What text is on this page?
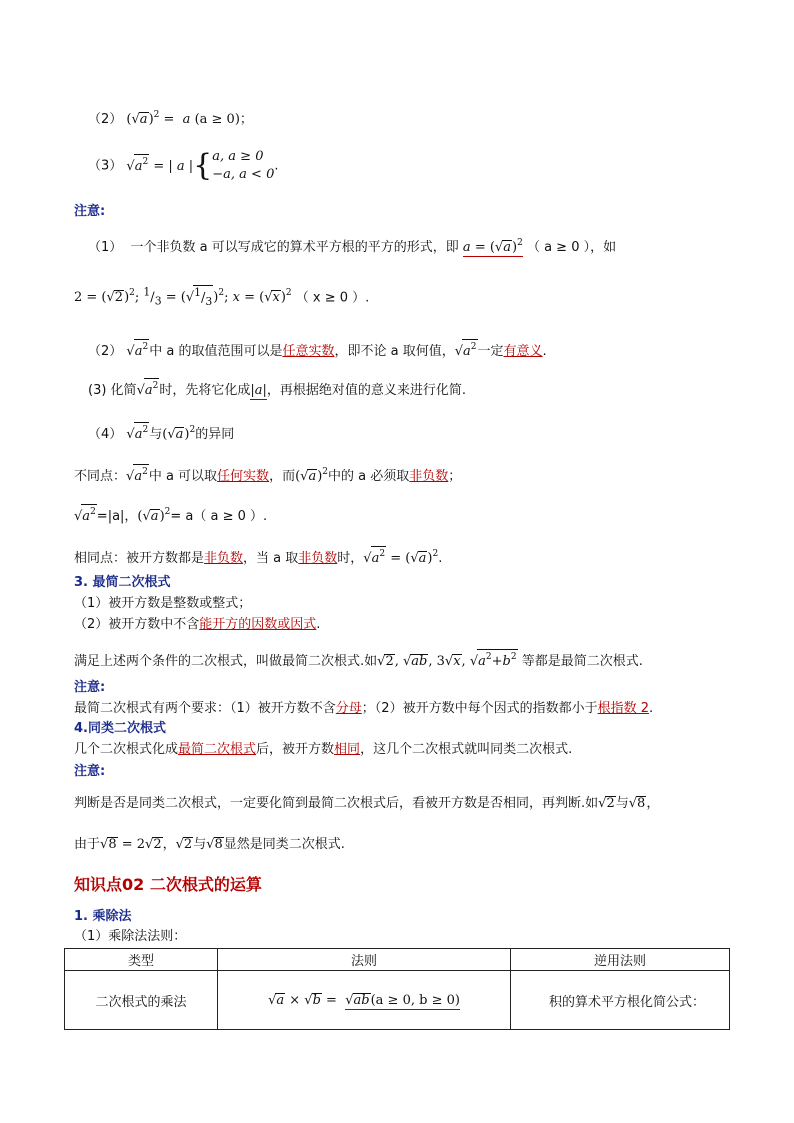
（2） $(√a)^2 = a$ (a ≥ 0)；
（3） $√a^2$ = | a |{a, a ≥ 0
−a, a < 0.
注意:
（1） 一个非负数 a 可以写成它的算术平方根的平方的形式，即 $a = (√a)^2$ （ a ≥ 0 ），如
$2 = (√2)^2$; $^1/_3 = (√^1/_3)^2$; $x = (√x)^2$ （ x ≥ 0 ）.
（2） $√a^2$中 a 的取值范围可以是任意实数，即不论 a 取何值，$√a^2$一定有意义.
(3) 化简$√a^2$时，先将它化成|a|，再根据绝对值的意义来进行化简.
（4） $√a^2$与$(√a)^2$的异同
不同点：$√a^2$中 a 可以取任何实数，而$(√a)^2$中的 a 必须取非负数；
$√a^2=|a|$，$(√a)^2= a$（ a ≥ 0 ）.
相同点：被开方数都是非负数，当 a 取非负数时，$√a^2 = (√a)^2$.
3. 最简二次根式
（1）被开方数是整数或整式；
（2）被开方数中不含能开方的因数或因式.
满足上述两个条件的二次根式，叫做最简二次根式.如√2, √ab, 3√x, $√a^2+b^2$ 等都是最简二次根式.
注意:
最简二次根式有两个要求：（1）被开方数不含分母；（2）被开方数中每个因式的指数都小于根指数 2.
4.同类二次根式
几个二次根式化成最简二次根式后，被开方数相同，这几个二次根式就叫同类二次根式.
注意:
判断是否是同类二次根式，一定要化简到最简二次根式后，看被开方数是否相同，再判断.如√2与√8，
由于√8 = 2√2，√2与√8显然是同类二次根式.
知识点02 二次根式的运算
1. 乘除法
（1）乘除法法则：
类型	法则	逆用法则
二次根式的乘法	√a × √b =  √ab(a ≥ 0, b ≥ 0)	积的算术平方根化简公式：
